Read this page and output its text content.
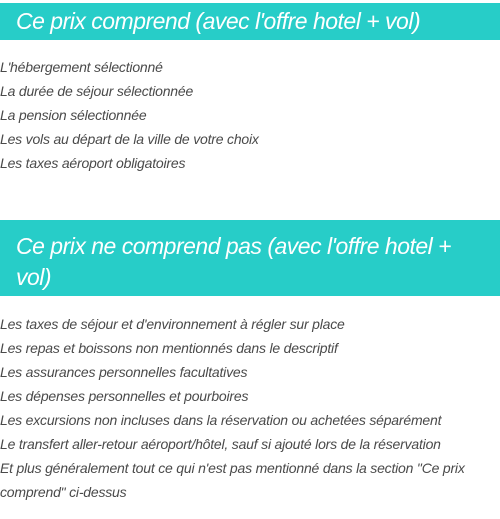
Ce prix comprend (avec l'offre hotel + vol)
L'hébergement sélectionné
La durée de séjour sélectionnée
La pension sélectionnée
Les vols au départ de la ville de votre choix
Les taxes aéroport obligatoires
Ce prix ne comprend pas (avec l'offre hotel + vol)
Les taxes de séjour et d'environnement à régler sur place
Les repas et boissons non mentionnés dans le descriptif
Les assurances personnelles facultatives
Les dépenses personnelles et pourboires
Les excursions non incluses dans la réservation ou achetées séparément
Le transfert aller-retour aéroport/hôtel, sauf si ajouté lors de la réservation
Et plus généralement tout ce qui n'est pas mentionné dans la section "Ce prix comprend" ci-dessus
